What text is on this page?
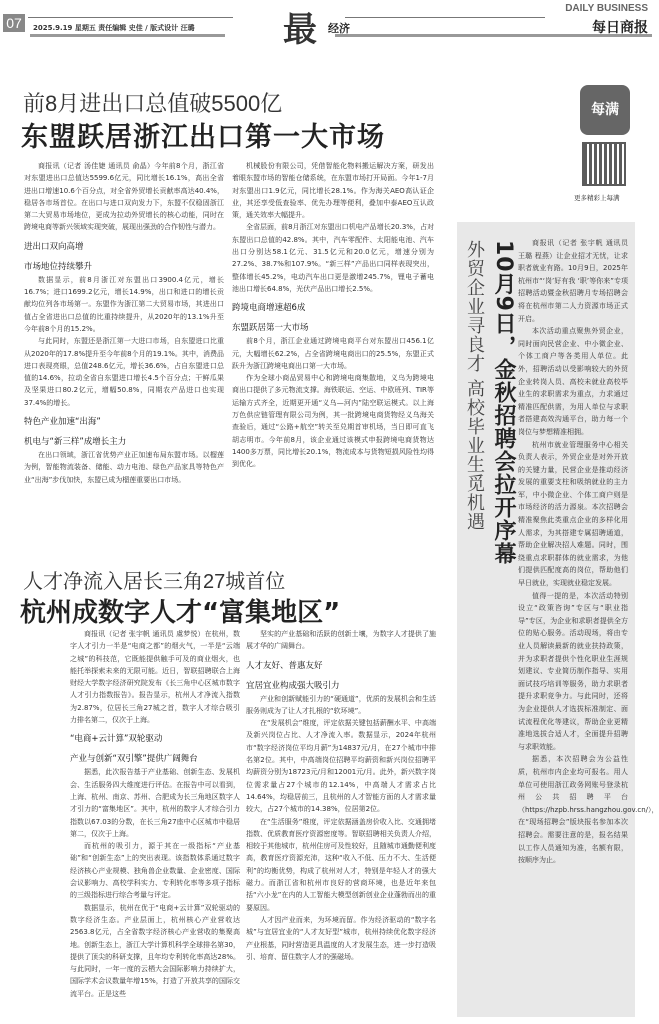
07	2025.9.19 星期五 责任编辑 史佳 / 版式设计 汪璐	最 经济
DAILY BUSINESS
每日商报
前8月进出口总值破5500亿
东盟跃居浙江出口第一大市场
每满
更多精彩上每满

商报讯（记者 汤佳婕 通讯员 俞晶）今年前8个月，浙江省对东盟进出口总值达5599.6亿元，同比增长16.1%，高出全省进出口增速10.6个百分点，对全省外贸增长贡献率高达40.4%，稳居各市场首位。在出口与进口双向发力下，东盟不仅稳固浙江第二大贸易市场地位，更成为拉动外贸增长的核心动能，同时在跨境电商等新兴领域实现突破，展现出强劲的合作韧性与潜力。

进出口双向高增
市场地位持续攀升

数据显示，前8月浙江对东盟出口3900.4亿元，增长16.7%；进口1699.2亿元，增长14.9%，出口和进口的增长贡献均位列各市场第一。东盟作为浙江第二大贸易市场，其进出口值占全省进出口总值的比重持续提升，从2020年的13.1%升至今年前8个月的15.2%。

与此同时，东盟还是浙江第一大进口市场，自东盟进口比重从2020年的17.8%提升至今年前8个月的19.1%。其中，消费品进口表现亮眼，总值248.6亿元，增长36.6%，占自东盟进口总值的14.6%，拉动全省自东盟进口增长4.5个百分点；干鲜瓜果及坚果进口80.2亿元，增幅50.8%，同期农产品进口也实现37.4%的增长。

特色产业加速“出海”
机电与“新三样”成增长主力

在出口领域，浙江省优势产业正加速布局东盟市场。以榴莲为例，智能物流装备、储能、动力电池、绿色产品家具等特色产业“出海”步伐加快，东盟已成为榴莲重要出口市场。

机械股份有限公司，凭借智能化物料搬运解决方案，研发出着眼东盟市场的智能仓储系统，在东盟市场打开局面。今年1-7月对东盟出口1.9亿元，同比增长28.1%。作为海关AEO高认证企业，其还享受低查验率、优先办理等便利，叠加中泰AEO互认政策，通关效率大幅提升。

全省层面，前8月浙江对东盟出口机电产品增长20.3%，占对东盟出口总值的42.8%。其中，汽车零配件、太阳能电池、汽车出口分别达58.1亿元、31.5亿元和20.0亿元，增速分别为27.2%、38.7%和107.9%。“新三样”产品出口同样表现突出，整体增长45.2%，电动汽车出口更是激增245.7%，锂电子蓄电池出口增长64.8%，光伏产品出口增长2.5%。

跨境电商增速超6成
东盟跃居第一大市场

前8个月，浙江企业通过跨境电商平台对东盟出口456.1亿元，大幅增长62.2%，占全省跨境电商出口的25.5%，东盟正式跃升为浙江跨境电商出口第一大市场。

作为全球小商品贸易中心和跨境电商集散地，义乌为跨境电商出口提供了多元物流支撑。海铁联运、空运、中欧班列、TIR等运输方式齐全，近期更开通“义乌—河内”陆空联运模式。以上海万色供应链管理有限公司为例，其一批跨境电商货物经义乌海关查验后，通过“公路+航空”转关至兑期首审机场，当日即可直飞胡志明市。今年前8月，该企业通过该模式申报跨境电商货物达1400多万票，同比增长20.1%，物流成本与货物短损风险性均得到优化。	外贸企业寻良才 高校毕业生觅机遇 10月9日，金秋招聘会拉开序幕	商报讯（记者 张宇帆 通讯员 王璐 程燕）让企业招才无忧，让求职者就业有路。10月9日，2025年杭州市“‘岗’好有我 ‘职’等你来”专项招聘活动暨金秋招聘月专场招聘会将在杭州市第二人力资源市场正式开启。

本次活动重点聚焦外贸企业，同时面向民营企业、中小微企业、个体工商户等各类用人单位。此外，招聘活动以受影响较大的外贸企业转岗人员、高校未就业高校毕业生的求职需求为重点，力求通过精准匹配供需，为用人单位与求职者搭建高效沟通平台，助力每一个岗位与梦想精准相拥。

杭州市就业管理服务中心相关负责人表示，外贸企业是对外开放的关键力量，民营企业是推动经济发展的重要支柱和吸纳就业的主力军，中小微企业、个体工商户则是市场经济的活力源泉。本次招聘会精准聚焦此类重点企业的多样化用人需求，为其搭建专属招聘通道，帮助企业解决招人难题。同时，围绕重点求职群体的就业需求，为他们提供匹配度高的岗位，帮助他们早日就业，实现就业稳定发展。

值得一提的是，本次活动特别设立“政策咨询”专区与“职业指导”专区，为企业和求职者提供全方位的贴心服务。活动现场，将由专业人员解读最新的就业扶持政策，并为求职者提供个性化职业生涯规划建议、专业简历制作指导、实用面试技巧培训等服务，助力求职者提升求职竞争力。与此同时，还将为企业提供人才选拔标准制定、面试流程优化等建议，帮助企业更精准地选拔合适人才，全面提升招聘与求职效能。

据悉，本次招聘会为公益性质，杭州市内企业均可报名。用人单位可使用浙江政务网账号登录杭州公共招聘平台（https://hzpb.hrss.hangzhou.gov.cn/），在“现场招聘会”版块报名参加本次招聘会。需要注意的是，报名结果以工作人员通知为准，名额有限，按顺序为止。

人才净流入居长三角27城首位
杭州成数字人才“富集地区”

商报讯（记者 张宇帆 通讯员 虞梦悦）在杭州，数字人才引力一半是“电商之都”的烟火气，一半是“云端之城”的科技范，它既能提供触手可及的商业烟火，也能托举探索未来的无限可能。近日，智联招聘联合上海财经大学数字经济研究院发布《长三角中心区城市数字人才引力指数报告》。报告显示，杭州人才净流入指数为2.87%，位居长三角27城之首，数字人才综合吸引力排名第二，仅次于上海。

“电商+云计算”双轮驱动
产业与创新“双引擎”提供广阔舞台

据悉，此次报告基于产业基础、创新生态、发展机会、生活服务四大维度进行评估。在报告中可以看到，上海、杭州、南京、苏州、合肥成为长三角地区数字人才引力的“富集地区”。其中，杭州的数字人才综合引力指数以67.03的分数，在长三角27座中心区城市中稳居第二，仅次于上海。

而杭州的吸引力，源于其在一级指标“产业基础”和“创新生态”上的突出表现。该指数体系通过数字经济核心产业规模、独角兽企业数量、企业密度、国际会议影响力、高校学科实力、专利转化率等多项子指标的三级指标进行综合考量与评定。

数据显示，杭州在优于“电商+云计算”双轮驱动的数字经济生态。产业层面上，杭州核心产业营收达2563.8亿元，占全省数字经济核心产业营收的集聚高地。创新生态上，浙江大学计算机科学全球排名第30，提供了顶尖的科研支撑，且年均专利转化率高达28%。与此同时，一年一度的云栖大会国际影响力持续扩大，国际学术会议数量年增15%，打造了开放共享的国际交流平台。正是这些

坚实的产业基础和活跃的创新土壤，为数字人才提供了施展才华的广阔舞台。

人才友好、普惠友好
宜居宜业构成强大吸引力

产业和创新赋能引力的“硬通道”，优质的发展机会和生活服务则成为了让人才扎根的“软环境”。

在“发展机会”维度，评定依据关键包括薪酬水平、中高端及新兴岗位占比、人才净流入率。数据显示，2024年杭州市“数字经济岗位平均月薪”为14837元/月，在27个城市中排名第2位。其中，中高端岗位招聘平均薪资和新兴岗位招聘平均薪资分别为18723元/月和12001元/月。此外，新兴数字岗位需求量占27个城市的12.14%，中高端人才需求占比14.64%，均稳居前三，且杭州的人才智能方面的人才需求量较大，占27个城市的14.38%，位居第2位。

在“生活服务”维度，评定依据涵盖房价收入比、交通拥堵指数、优质教育医疗资源密度等。智联招聘相关负责人介绍，相较于其他城市，杭州住房可及性较好，且随城市通勤便利度高，教育医疗资源充沛，这种“收入不低、压力不大、生活便利”的均衡优势，构成了杭州对人才，特别是年轻人才的强大磁力。而浙江省和杭州市良好的营商环境，也是近年来包括“六小龙”在内的人工智能大模型创新创业企业蓬勃而出的重要原因。

人才因产业而来，为环境而留。作为经济驱动的“数字名城”与宜居宜业的“人才友好型”城市，杭州持续优化数字经济产业根基，同时营造更具温度的人才发展生态，进一步打造吸引、培育、留住数字人才的强磁场。
